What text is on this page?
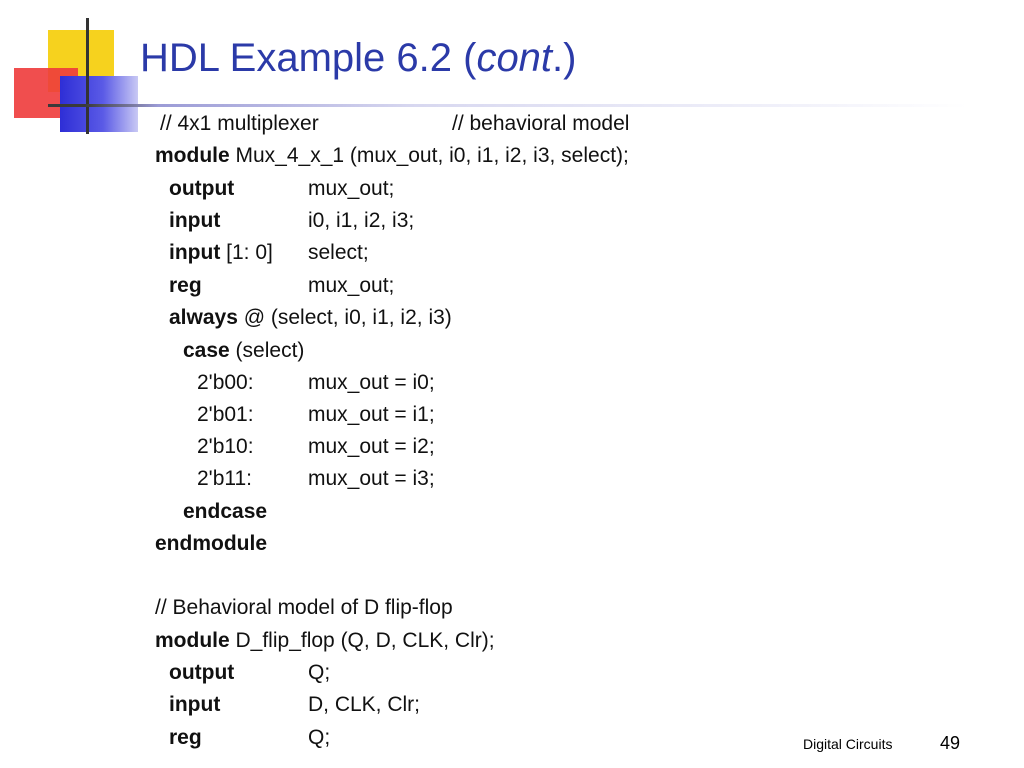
HDL Example 6.2 (cont.)
// 4x1 multiplexer	// behavioral model
module Mux_4_x_1 (mux_out, i0, i1, i2, i3, select);
output	mux_out;
input	i0, i1, i2, i3;
input [1: 0] select;
reg	mux_out;
always @ (select, i0, i1, i2, i3)
case (select)
2'b00:	mux_out = i0;
2'b01:	mux_out = i1;
2'b10:	mux_out = i2;
2'b11:	mux_out = i3;
endcase
endmodule
// Behavioral model of D flip-flop
module D_flip_flop (Q, D, CLK, Clr);
output	Q;
input	D, CLK, Clr;
reg	Q;	Digital Circuits	49
